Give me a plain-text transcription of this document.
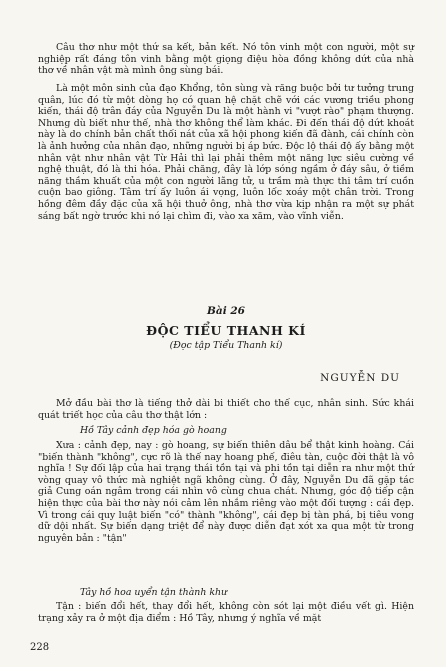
Câu thơ như một thứ sa kết, bản kết. Nó tôn vinh một con người, một sự nghiệp rất đáng tôn vinh bằng một giọng điệu hòa đồng không dứt của nhà thơ về nhân vật mà mình ông sùng bái.

Là một môn sinh của đạo Khổng, tôn sùng và răng buộc bởi tư tưởng trung quân, lúc đó từ một dòng họ có quan hệ chặt chẽ với các vương triều phong kiến, thái độ trân đáy của Nguyễn Du là một hành vi "vượt rào" phạm thượng. Nhưng dù biết như thế, nhà thơ không thể làm khác. Đi đến thái độ dứt khoát này là do chính bản chất thối nát của xã hội phong kiến đã đành, cái chính còn là ảnh hưởng của nhân đạo, những người bị áp bức. Độc lộ thái độ ấy bằng một nhân vật như nhân vật Từ Hải thì lại phải thêm một năng lực siêu cường về nghệ thuật, đó là thi hóa. Phải chăng, đây là lớp sóng ngầm ở đáy sâu, ở tiềm năng thầm khuất của một con người lãng tử, u trầm mà thực thi tâm trí cuồn cuộn bao giông. Tâm trí ấy luôn ái vọng, luôn lốc xoáy một chân trời. Trong hồng đêm đầy đặc của xã hội thuở ông, nhà thơ vừa kịp nhận ra một sự phát sáng bất ngờ trước khi nó lại chìm đi, vào xa xăm, vào vĩnh viễn.

Bài 26

ĐỘC TIỂU THANH KÍ

(Đọc tập Tiểu Thanh kí)

NGUYỄN DU

Mở đầu bài thơ là tiếng thở dài bi thiết cho thế cục, nhân sinh. Sức khái quát triết học của câu thơ thật lớn :

Hồ Tây cảnh đẹp hóa gò hoang

Xưa : cảnh đẹp, nay : gò hoang, sự biến thiên dâu bể thật kinh hoàng. Cái "biến thành "không", cực rõ là thế nay hoang phế, điêu tàn, cuộc đời thật là vô nghĩa ! Sự đối lập của hai trạng thái tồn tại và phi tồn tại diễn ra như một thứ vòng quay vô thức mà nghiệt ngã không cùng. Ở đây, Nguyễn Du đã gặp tác giả Cung oán ngâm trong cái nhìn vô cùng chua chát. Nhưng, góc độ tiếp cận hiện thực của bài thơ này nói cảm lên nhắm riêng vào một đối tượng : cái đẹp. Vì trong cái quy luật biến "có" thành "không", cái đẹp bị tàn phá, bị tiêu vong dữ dội nhất. Sự biến dạng triệt để này được diễn đạt xót xa qua một từ trong nguyên bản : "tận"

Tây hồ hoa uyển tận thành khư

Tận : biến đổi hết, thay đổi hết, không còn sót lại một điều vết gì. Hiện trạng xảy ra ở một địa điểm : Hồ Tây, nhưng ý nghĩa về mặt

228
